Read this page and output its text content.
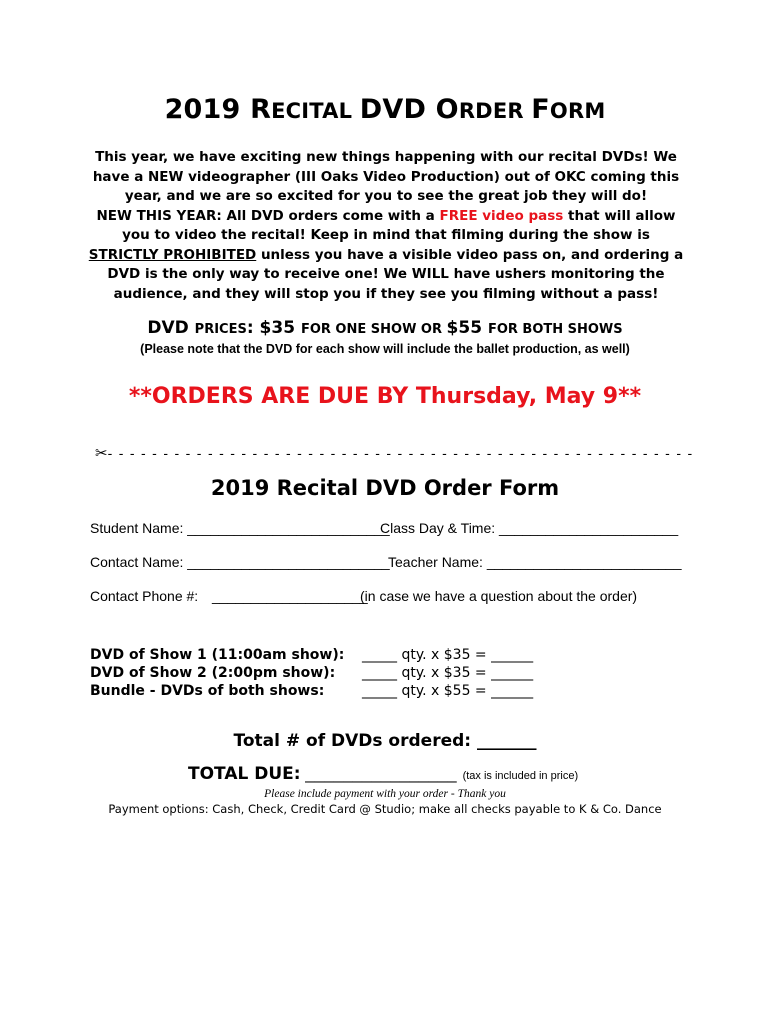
2019 RECITAL DVD ORDER FORM
This year, we have exciting new things happening with our recital DVDs! We have a NEW videographer (III Oaks Video Production) out of OKC coming this year, and we are so excited for you to see the great job they will do!
NEW THIS YEAR: All DVD orders come with a FREE video pass that will allow you to video the recital! Keep in mind that filming during the show is STRICTLY PROHIBITED unless you have a visible video pass on, and ordering a DVD is the only way to receive one! We WILL have ushers monitoring the audience, and they will stop you if they see you filming without a pass!
DVD PRICES: $35 FOR ONE SHOW OR $55 FOR BOTH SHOWS
(Please note that the DVD for each show will include the ballet production, as well)
**ORDERS ARE DUE BY Thursday, May 9**
✂- - - - - - - - - - - - - - - - - - - - - - - - - - - - - - - - - - - - - - - - - - - - - - - - - - - - -
2019 Recital DVD Order Form
Student Name: __________________________
Class Day & Time: _______________________
Contact Name: __________________________
Teacher Name: _________________________
Contact Phone #: ____________________
(in case we have a question about the order)
DVD of Show 1 (11:00am show): _____ qty. x $35 = ______
DVD of Show 2 (2:00pm show): _____ qty. x $35 = ______
Bundle - DVDs of both shows:	_____ qty. x $55 = ______
Total # of DVDs ordered: _______
TOTAL DUE: ________________ (tax is included in price)
Please include payment with your order - Thank you
Payment options: Cash, Check, Credit Card @ Studio; make all checks payable to K & Co. Dance
